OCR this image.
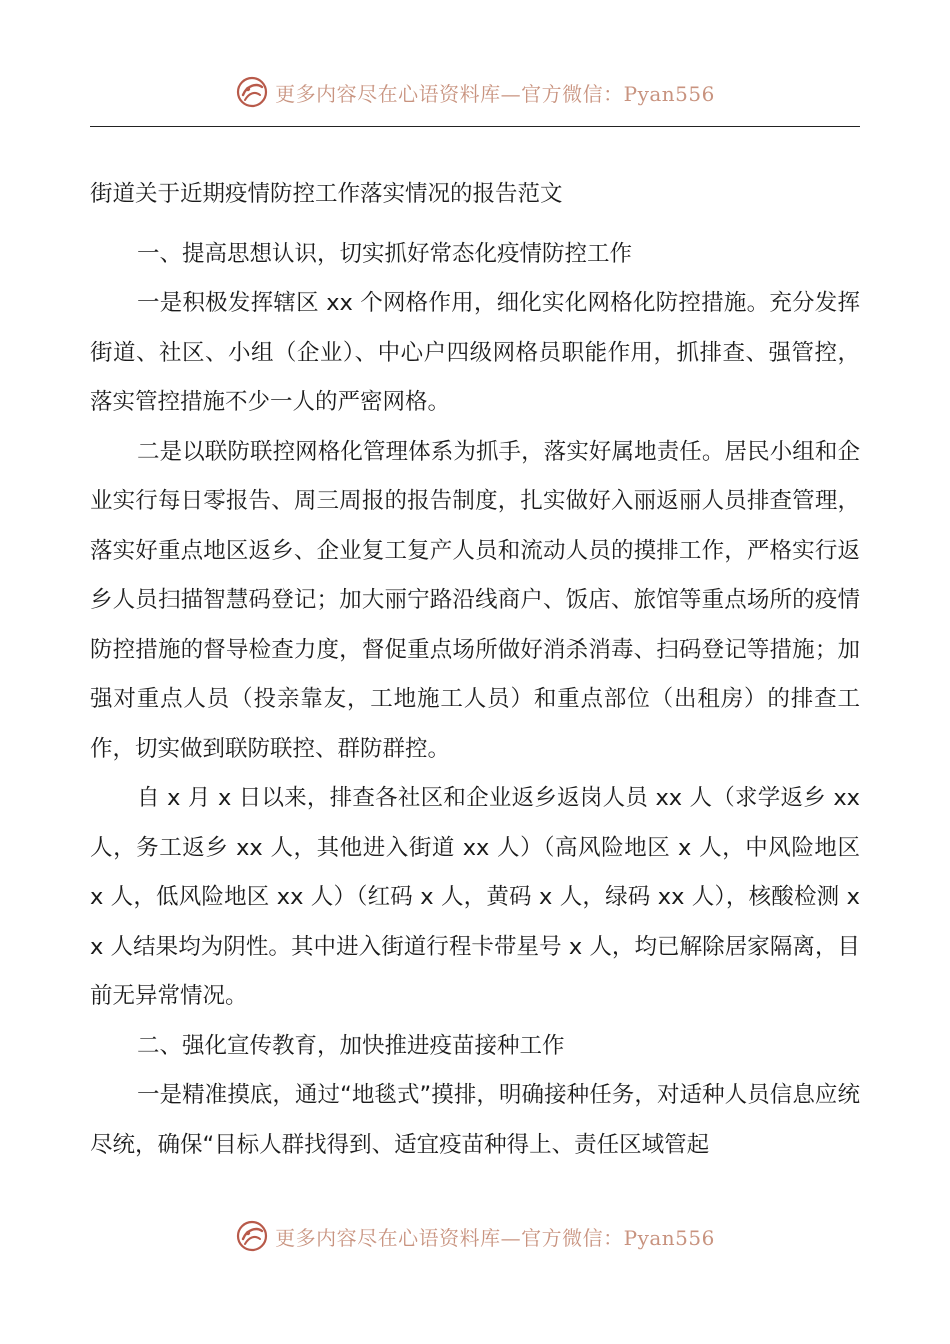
更多内容尽在心语资料库—官方微信：Pyan556

街道关于近期疫情防控工作落实情况的报告范文

一、提高思想认识，切实抓好常态化疫情防控工作

一是积极发挥辖区 xx 个网格作用，细化实化网格化防控措施。充分发挥街道、社区、小组（企业）、中心户四级网格员职能作用，抓排查、强管控，落实管控措施不少一人的严密网格。

二是以联防联控网格化管理体系为抓手，落实好属地责任。居民小组和企业实行每日零报告、周三周报的报告制度，扎实做好入丽返丽人员排查管理，落实好重点地区返乡、企业复工复产人员和流动人员的摸排工作，严格实行返乡人员扫描智慧码登记；加大丽宁路沿线商户、饭店、旅馆等重点场所的疫情防控措施的督导检查力度，督促重点场所做好消杀消毒、扫码登记等措施；加强对重点人员（投亲靠友，工地施工人员）和重点部位（出租房）的排查工作，切实做到联防联控、群防群控。

自 x 月 x 日以来，排查各社区和企业返乡返岗人员 xx 人（求学返乡 xx 人，务工返乡 xx 人，其他进入街道 xx 人）（高风险地区 x 人，中风险地区 x 人，低风险地区 xx 人）（红码 x 人，黄码 x 人，绿码 xx 人），核酸检测 xx 人结果均为阴性。其中进入街道行程卡带星号 x 人，均已解除居家隔离，目前无异常情况。

二、强化宣传教育，加快推进疫苗接种工作

一是精准摸底，通过“地毯式”摸排，明确接种任务，对适种人员信息应统尽统，确保“目标人群找得到、适宜疫苗种得上、责任区域管起

更多内容尽在心语资料库—官方微信：Pyan556
